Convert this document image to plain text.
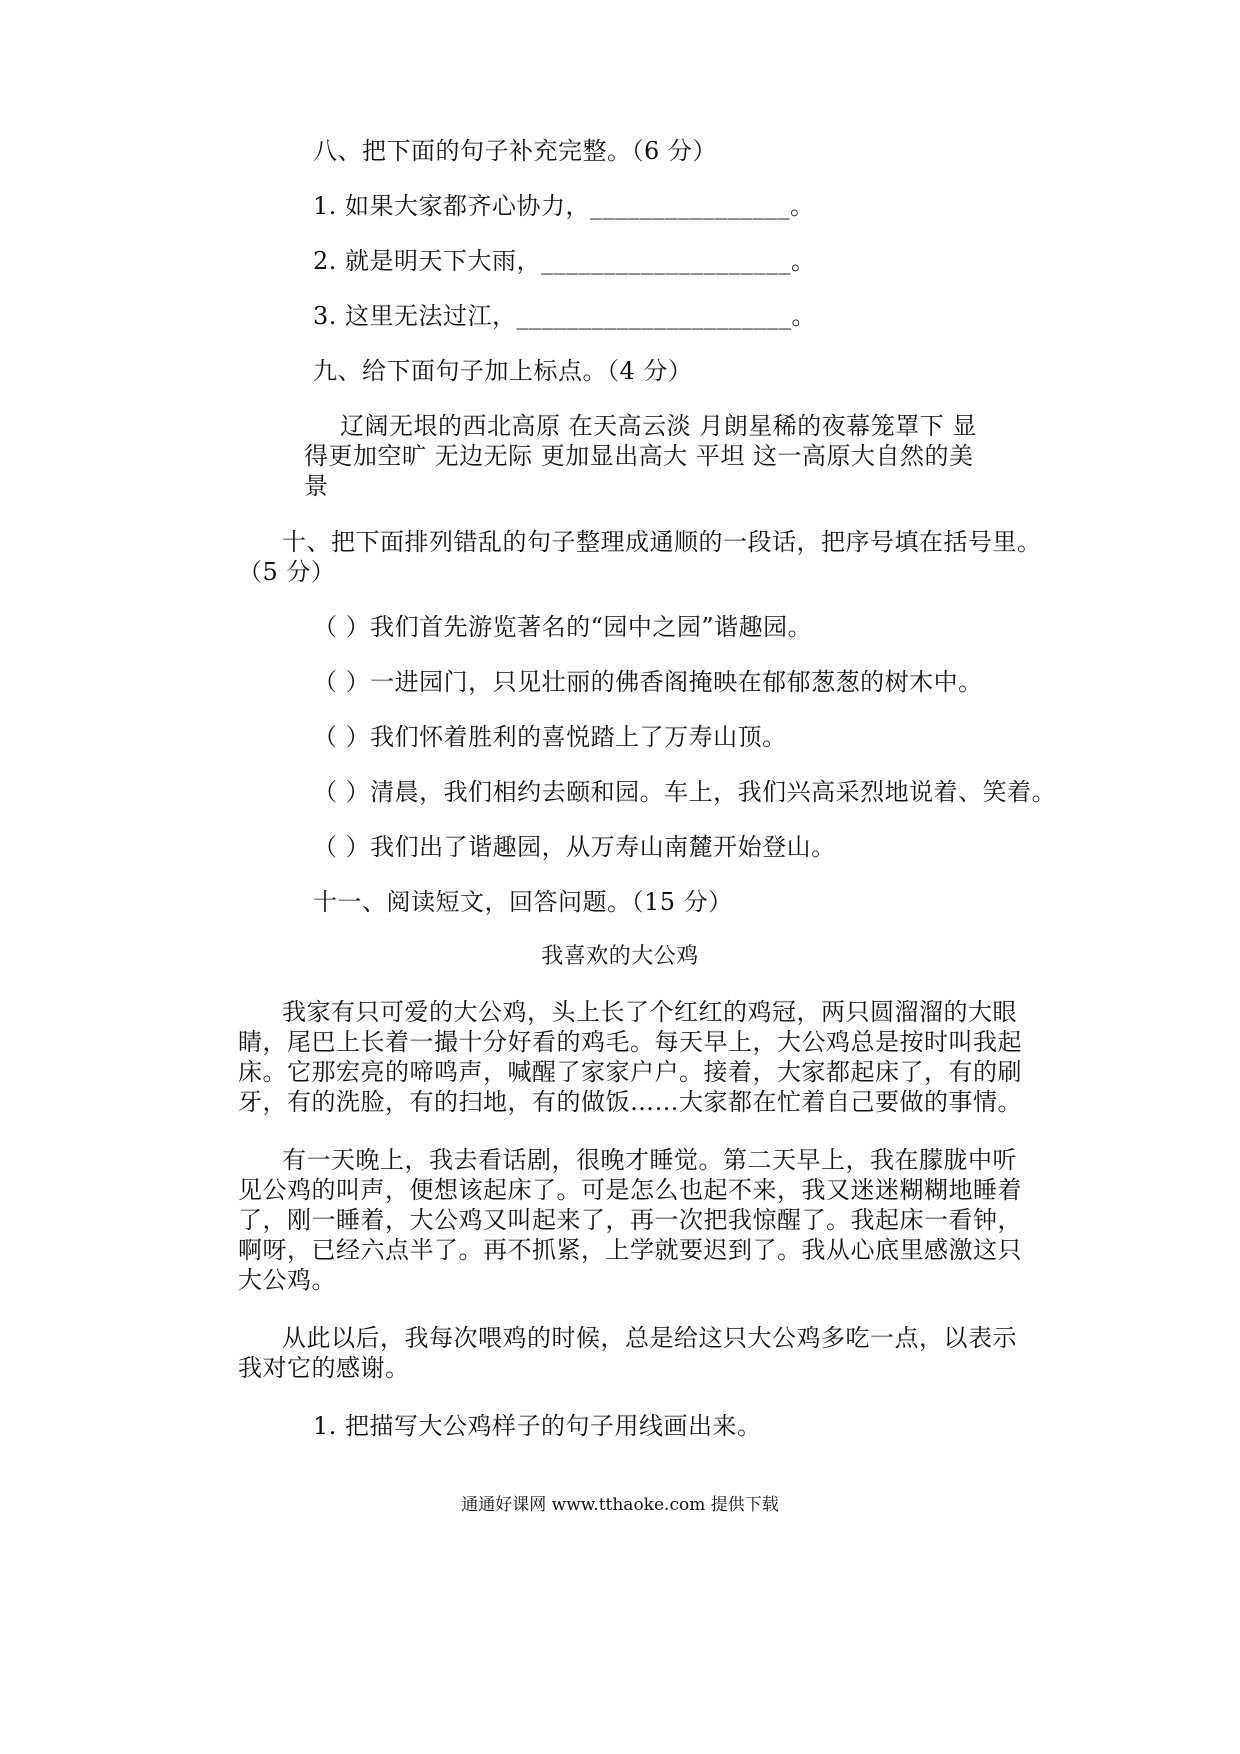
八、把下面的句子补充完整。（6 分）
1. 如果大家都齐心协力，________________。
2. 就是明天下大雨，____________________。
3. 这里无法过江，______________________。
九、给下面句子加上标点。（4 分）
辽阔无垠的西北高原 在天高云淡 月朗星稀的夜幕笼罩下 显
得更加空旷 无边无际 更加显出高大 平坦 这一高原大自然的美
景
十、把下面排列错乱的句子整理成通顺的一段话，把序号填在括号里。
（5 分）
（ ）我们首先游览著名的“园中之园”谐趣园。
（ ）一进园门，只见壮丽的佛香阁掩映在郁郁葱葱的树木中。
（ ）我们怀着胜利的喜悦踏上了万寿山顶。
（ ）清晨，我们相约去颐和园。车上，我们兴高采烈地说着、笑着。
（ ）我们出了谐趣园，从万寿山南麓开始登山。
十一、阅读短文，回答问题。（15 分）
我喜欢的大公鸡
我家有只可爱的大公鸡，头上长了个红红的鸡冠，两只圆溜溜的大眼
睛，尾巴上长着一撮十分好看的鸡毛。每天早上，大公鸡总是按时叫我起
床。它那宏亮的啼鸣声，喊醒了家家户户。接着，大家都起床了，有的刷
牙，有的洗脸，有的扫地，有的做饭……大家都在忙着自己要做的事情。
有一天晚上，我去看话剧，很晚才睡觉。第二天早上，我在朦胧中听
见公鸡的叫声，便想该起床了。可是怎么也起不来，我又迷迷糊糊地睡着
了，刚一睡着，大公鸡又叫起来了，再一次把我惊醒了。我起床一看钟，
啊呀，已经六点半了。再不抓紧，上学就要迟到了。我从心底里感激这只
大公鸡。
从此以后，我每次喂鸡的时候，总是给这只大公鸡多吃一点，以表示
我对它的感谢。
1. 把描写大公鸡样子的句子用线画出来。
通通好课网 www.tthaoke.com 提供下载
